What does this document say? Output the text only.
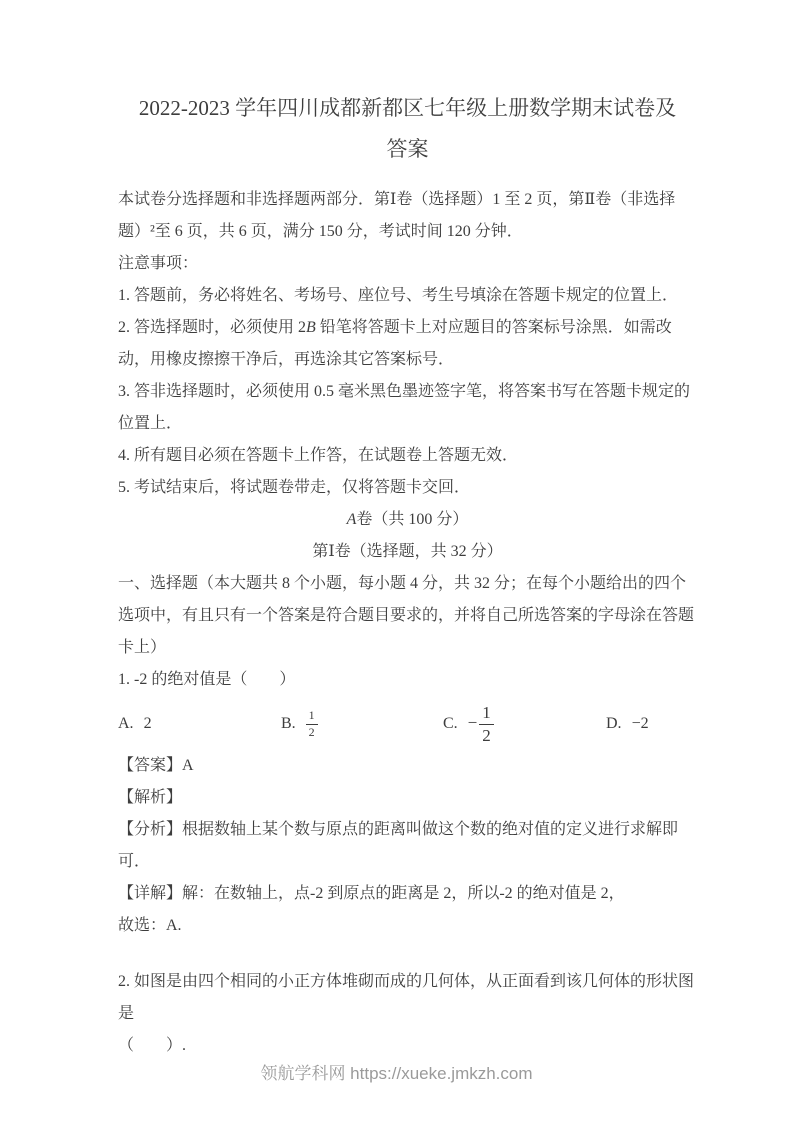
2022-2023 学年四川成都新都区七年级上册数学期末试卷及
答案

本试卷分选择题和非选择题两部分．第Ⅰ卷（选择题）1 至 2 页，第Ⅱ卷（非选择题）²至 6 页，共 6 页，满分 150 分，考试时间 120 分钟．

注意事项：

1. 答题前，务必将姓名、考场号、座位号、考生号填涂在答题卡规定的位置上．

2. 答选择题时，必须使用 2B 铅笔将答题卡上对应题目的答案标号涂黑．如需改动，用橡皮擦擦干净后，再选涂其它答案标号．

3. 答非选择题时，必须使用 0.5 毫米黑色墨迹签字笔，将答案书写在答题卡规定的位置上．

4. 所有题目必须在答题卡上作答，在试题卷上答题无效．

5. 考试结束后，将试题卷带走，仅将答题卡交回．

A卷（共 100 分）

第Ⅰ卷（选择题，共 32 分）

一、选择题（本大题共 8 个小题，每小题 4 分，共 32 分；在每个小题给出的四个选项中，有且只有一个答案是符合题目要求的，并将自己所选答案的字母涂在答题卡上）

1. -2 的绝对值是（　　）

A. 2	B. $\frac{1}{2}$	C. − $\frac{1}{2}$	D. −2

【答案】A

【解析】

【分析】根据数轴上某个数与原点的距离叫做这个数的绝对值的定义进行求解即可．

【详解】解：在数轴上，点-2 到原点的距离是 2，所以-2 的绝对值是 2，

故选：A.

2. 如图是由四个相同的小正方体堆砌而成的几何体，从正面看到该几何体的形状图是

（　　）.

领航学科网 https://xueke.jmkzh.com
